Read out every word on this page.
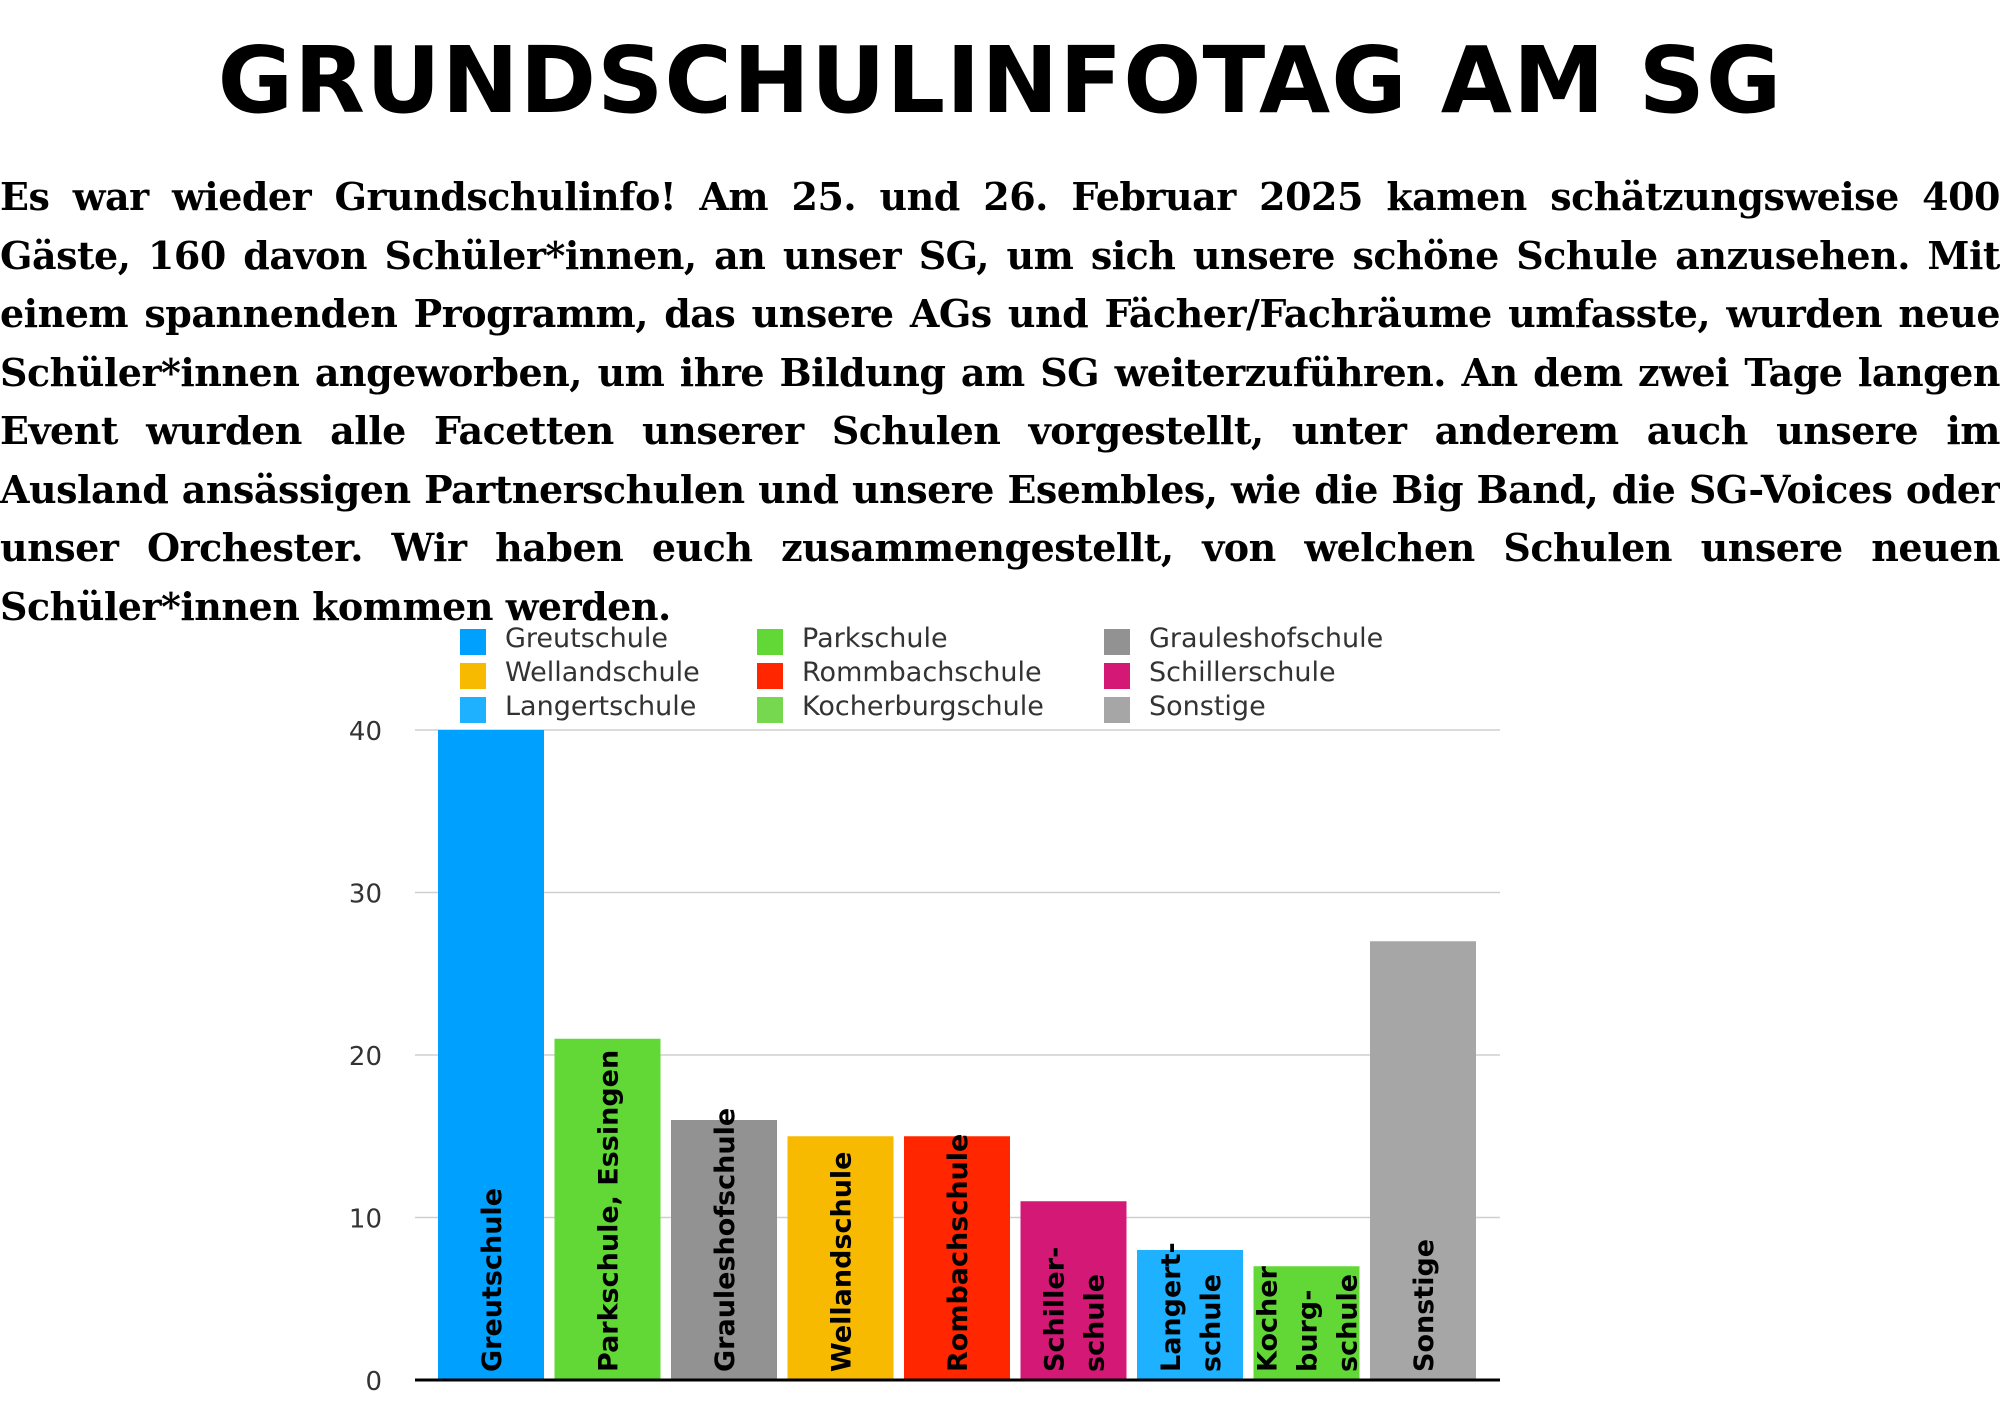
GRUNDSCHULINFOTAG AM SG
Es war wieder Grundschulinfo! Am 25. und 26. Februar 2025 kamen schätzungsweise 400 Gäste, 160 davon Schüler*innen, an unser SG, um sich unsere schöne Schule anzusehen. Mit einem spannenden Programm, das unsere AGs und Fächer/Fachräume umfasste, wurden neue Schüler*innen angeworben, um ihre Bildung am SG weiterzuführen. An dem zwei Tage langen Event wurden alle Facetten unserer Schulen vorgestellt, unter anderem auch unsere im Ausland ansässigen Partnerschulen und unsere Esembles, wie die Big Band, die SG-Voices oder unser Orchester. Wir haben euch zusammengestellt, von welchen Schulen unsere neuen Schüler*innen kommen werden.
Greutschule
Wellandschule
Langertschule
Parkschule
Rommbachschule
Kocherburgschule
Grauleshofschule
Schillerschule
Sonstige
0
10
20
30
40
Greutschule	Parkschule, Essingen	Grauleshofschule	Wellandschule	Rombachschule Schiller- schule Langert- schule Kocher burg- schule Sonstige
